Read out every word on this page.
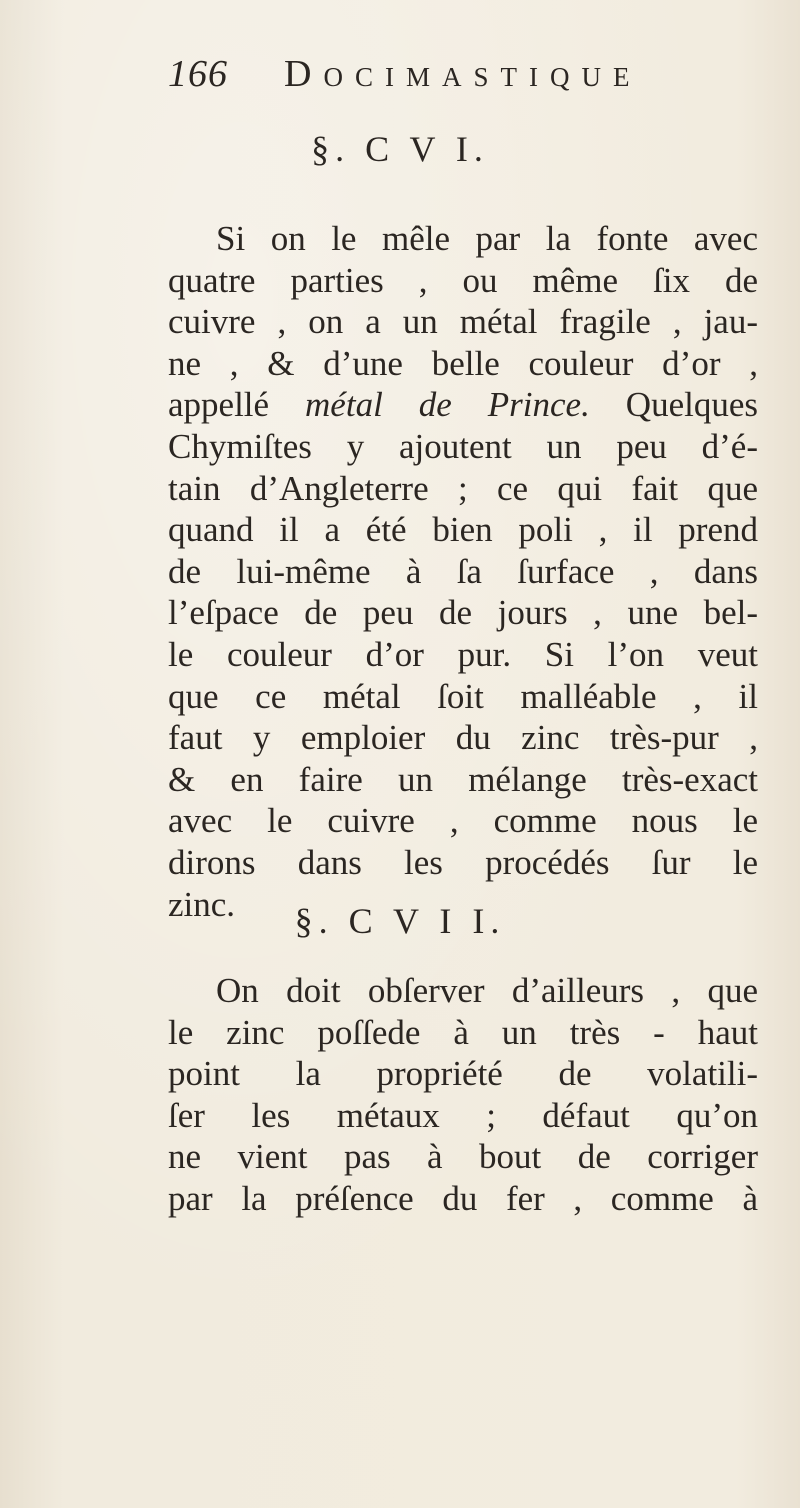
166 Docimastique
§. C V I.
Si on le mêle par la fonte avec
quatre parties , ou même ſix de
cuivre , on a un métal fragile , jau-
ne , & d’une belle couleur d’or ,
appellé métal de Prince. Quelques
Chymiſtes y ajoutent un peu d’é-
tain d’Angleterre ; ce qui fait que
quand il a été bien poli , il prend
de lui-même à ſa ſurface , dans
l’eſpace de peu de jours , une bel-
le couleur d’or pur. Si l’on veut
que ce métal ſoit malléable , il
faut y emploier du zinc très-pur ,
& en faire un mélange très-exact
avec le cuivre , comme nous le
dirons dans les procédés ſur le
zinc.	§. C V I I.
On doit obſerver d’ailleurs , que
le zinc poſſede à un très - haut
point la propriété de volatili-
ſer les métaux ; défaut qu’on
ne vient pas à bout de corriger
par la préſence du fer , comme à
